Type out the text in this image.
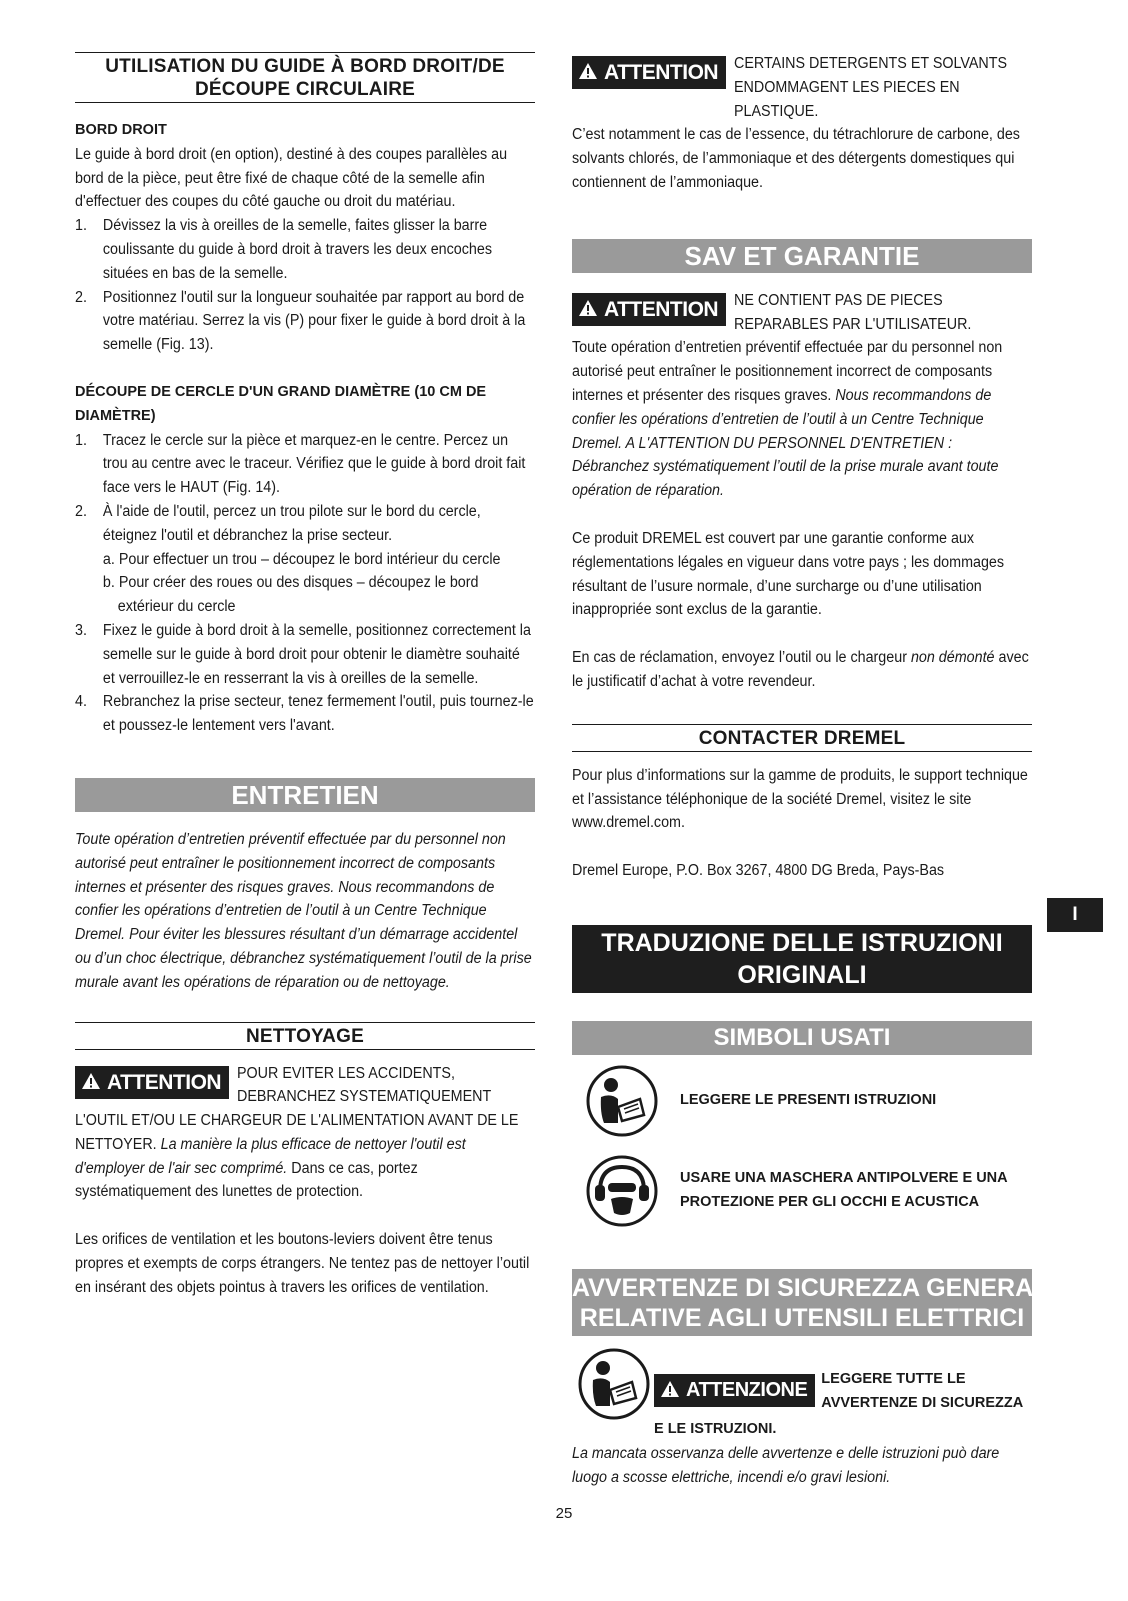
UTILISATION DU GUIDE À BORD DROIT/DE
DÉCOUPE CIRCULAIRE

BORD DROIT

Le guide à bord droit (en option), destiné à des coupes parallèles au bord de la pièce, peut être fixé de chaque côté de la semelle afin d'effectuer des coupes du côté gauche ou droit du matériau.

1. Dévissez la vis à oreilles de la semelle, faites glisser la barre coulissante du guide à bord droit à travers les deux encoches situées en bas de la semelle.
2. Positionnez l'outil sur la longueur souhaitée par rapport au bord de votre matériau. Serrez la vis (P) pour fixer le guide à bord droit à la semelle (Fig. 13).

DÉCOUPE DE CERCLE D'UN GRAND DIAMÈTRE (10 CM DE DIAMÈTRE)

1. Tracez le cercle sur la pièce et marquez-en le centre. Percez un trou au centre avec le traceur. Vérifiez que le guide à bord droit fait face vers le HAUT (Fig. 14).
2. À l'aide de l'outil, percez un trou pilote sur le bord du cercle, éteignez l'outil et débranchez la prise secteur.
a. Pour effectuer un trou – découpez le bord intérieur du cercle
b. Pour créer des roues ou des disques – découpez le bord extérieur du cercle
3. Fixez le guide à bord droit à la semelle, positionnez correctement la semelle sur le guide à bord droit pour obtenir le diamètre souhaité et verrouillez-le en resserrant la vis à oreilles de la semelle.
4. Rebranchez la prise secteur, tenez fermement l'outil, puis tournez-le et poussez-le lentement vers l'avant.
ENTRETIEN

Toute opération d’entretien préventif effectuée par du personnel non autorisé peut entraîner le positionnement incorrect de composants internes et présenter des risques graves. Nous recommandons de confier les opérations d’entretien de l’outil à un Centre Technique Dremel. Pour éviter les blessures résultant d’un démarrage accidentel ou d’un choc électrique, débranchez systématiquement l’outil de la prise murale avant les opérations de réparation ou de nettoyage.

NETTOYAGE
ATTENTION	POUR EVITER LES ACCIDENTS,
DEBRANCHEZ SYSTEMATIQUEMENT

L'OUTIL ET/OU LE CHARGEUR DE L'ALIMENTATION AVANT DE LE NETTOYER. La manière la plus efficace de nettoyer l'outil est d'employer de l'air sec comprimé. Dans ce cas, portez systématiquement des lunettes de protection.

Les orifices de ventilation et les boutons-leviers doivent être tenus propres et exempts de corps étrangers. Ne tentez pas de nettoyer l’outil en insérant des objets pointus à travers les orifices de ventilation.

ATTENTION	CERTAINS DETERGENTS ET SOLVANTS
ENDOMMAGENT LES PIECES EN PLASTIQUE.

C’est notamment le cas de l’essence, du tétrachlorure de carbone, des solvants chlorés, de l’ammoniaque et des détergents domestiques qui contiennent de l’ammoniaque.

SAV ET GARANTIE
ATTENTION	NE CONTIENT PAS DE PIECES
REPARABLES PAR L'UTILISATEUR.

Toute opération d’entretien préventif effectuée par du personnel non autorisé peut entraîner le positionnement incorrect de composants internes et présenter des risques graves. Nous recommandons de confier les opérations d’entretien de l’outil à un Centre Technique Dremel. A L'ATTENTION DU PERSONNEL D'ENTRETIEN : Débranchez systématiquement l’outil de la prise murale avant toute opération de réparation.

Ce produit DREMEL est couvert par une garantie conforme aux réglementations légales en vigueur dans votre pays ; les dommages résultant de l’usure normale, d’une surcharge ou d’une utilisation inappropriée sont exclus de la garantie.

En cas de réclamation, envoyez l’outil ou le chargeur non démonté avec le justificatif d’achat à votre revendeur.

CONTACTER DREMEL

Pour plus d’informations sur la gamme de produits, le support technique et l’assistance téléphonique de la société Dremel, visitez le site www.dremel.com.

Dremel Europe, P.O. Box 3267, 4800 DG Breda, Pays-Bas

TRADUZIONE DELLE ISTRUZIONI
ORIGINALI
SIMBOLI USATI
LEGGERE LE PRESENTI ISTRUZIONI
USARE UNA MASCHERA ANTIPOLVERE E UNA
PROTEZIONE PER GLI OCCHI E ACUSTICA
AVVERTENZE DI SICUREZZA GENERALI
RELATIVE AGLI UTENSILI ELETTRICI
ATTENZIONE LEGGERE TUTTE LE
AVVERTENZE DI SICUREZZA
E LE ISTRUZIONI.

La mancata osservanza delle avvertenze e delle istruzioni può dare luogo a scosse elettriche, incendi e/o gravi lesioni.

I
25
